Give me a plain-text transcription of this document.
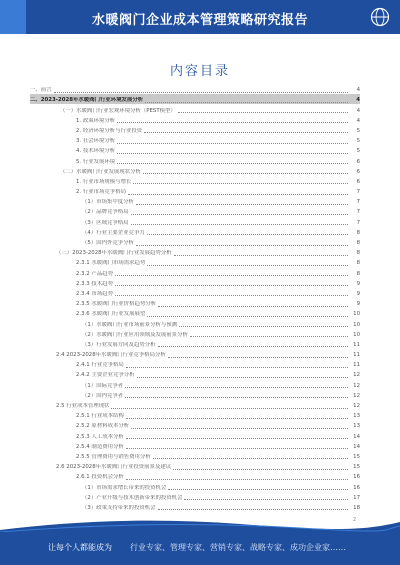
水暖阀门企业成本管理策略研究报告
内容目录
一、前言	4
二、2023-2028年水暖阀门行业环境发展分析	4
（一）水暖阀门行业宏观环境分析（PEST模型）	4
1. 政策环境分析	4
2. 经济环境分析与行业投资	5
3. 社会环境分析	5
4. 技术环境分析	5
5. 行业发展环境	6
（二）水暖阀门行业发展现状分析	6
1. 行业市场规模与增长	6
2. 行业市场竞争格局	7
（1）市场集中度分析	7
（2）品牌竞争格局	7
（3）区域竞争格局	7
（4）行业主要企业竞争力	8
（5）国内外竞争分析	8
（三）2023-2028年水暖阀门行业发展趋势分析	8
2.3.1 水暖阀门市场需求趋势	8
2.3.2 产品趋势	8
2.3.3 技术趋势	9
2.3.4 市场趋势	9
2.3.5 水暖阀门行业价格趋势分析	9
2.3.6 水暖阀门行业发展展望	10
（1）水暖阀门行业市场前景分析与预测	10
（2）水暖阀门行业应用领域及发展前景分析	10
（3）行业发展方向及趋势分析	11
2.4 2023-2028年水暖阀门行业竞争格局分析	11
2.4.1 行业竞争格局	11
2.4.2 主要企业竞争分析	12
（1）国际竞争者	12
（2）国内竞争者	12
2.5 行业成本管理现状	12
2.5.1 行业成本结构	13
2.5.2 原材料成本分析	13
2.5.3 人工成本分析	14
2.5.4 制造费用分析	14
2.5.5 管理费用与销售费用分析	15
2.6 2023-2028年水暖阀门行业投资前景及建议	15
2.6.1 投资机会分析	16
（1）市场需求增长带来的投资机会	16
（2）产业升级与技术创新带来的投资机会	17
（3）政策支持带来的投资机会	18
2
让每个人都能成为 行业专家、管理专家、营销专家、战略专家、成功企业家……
